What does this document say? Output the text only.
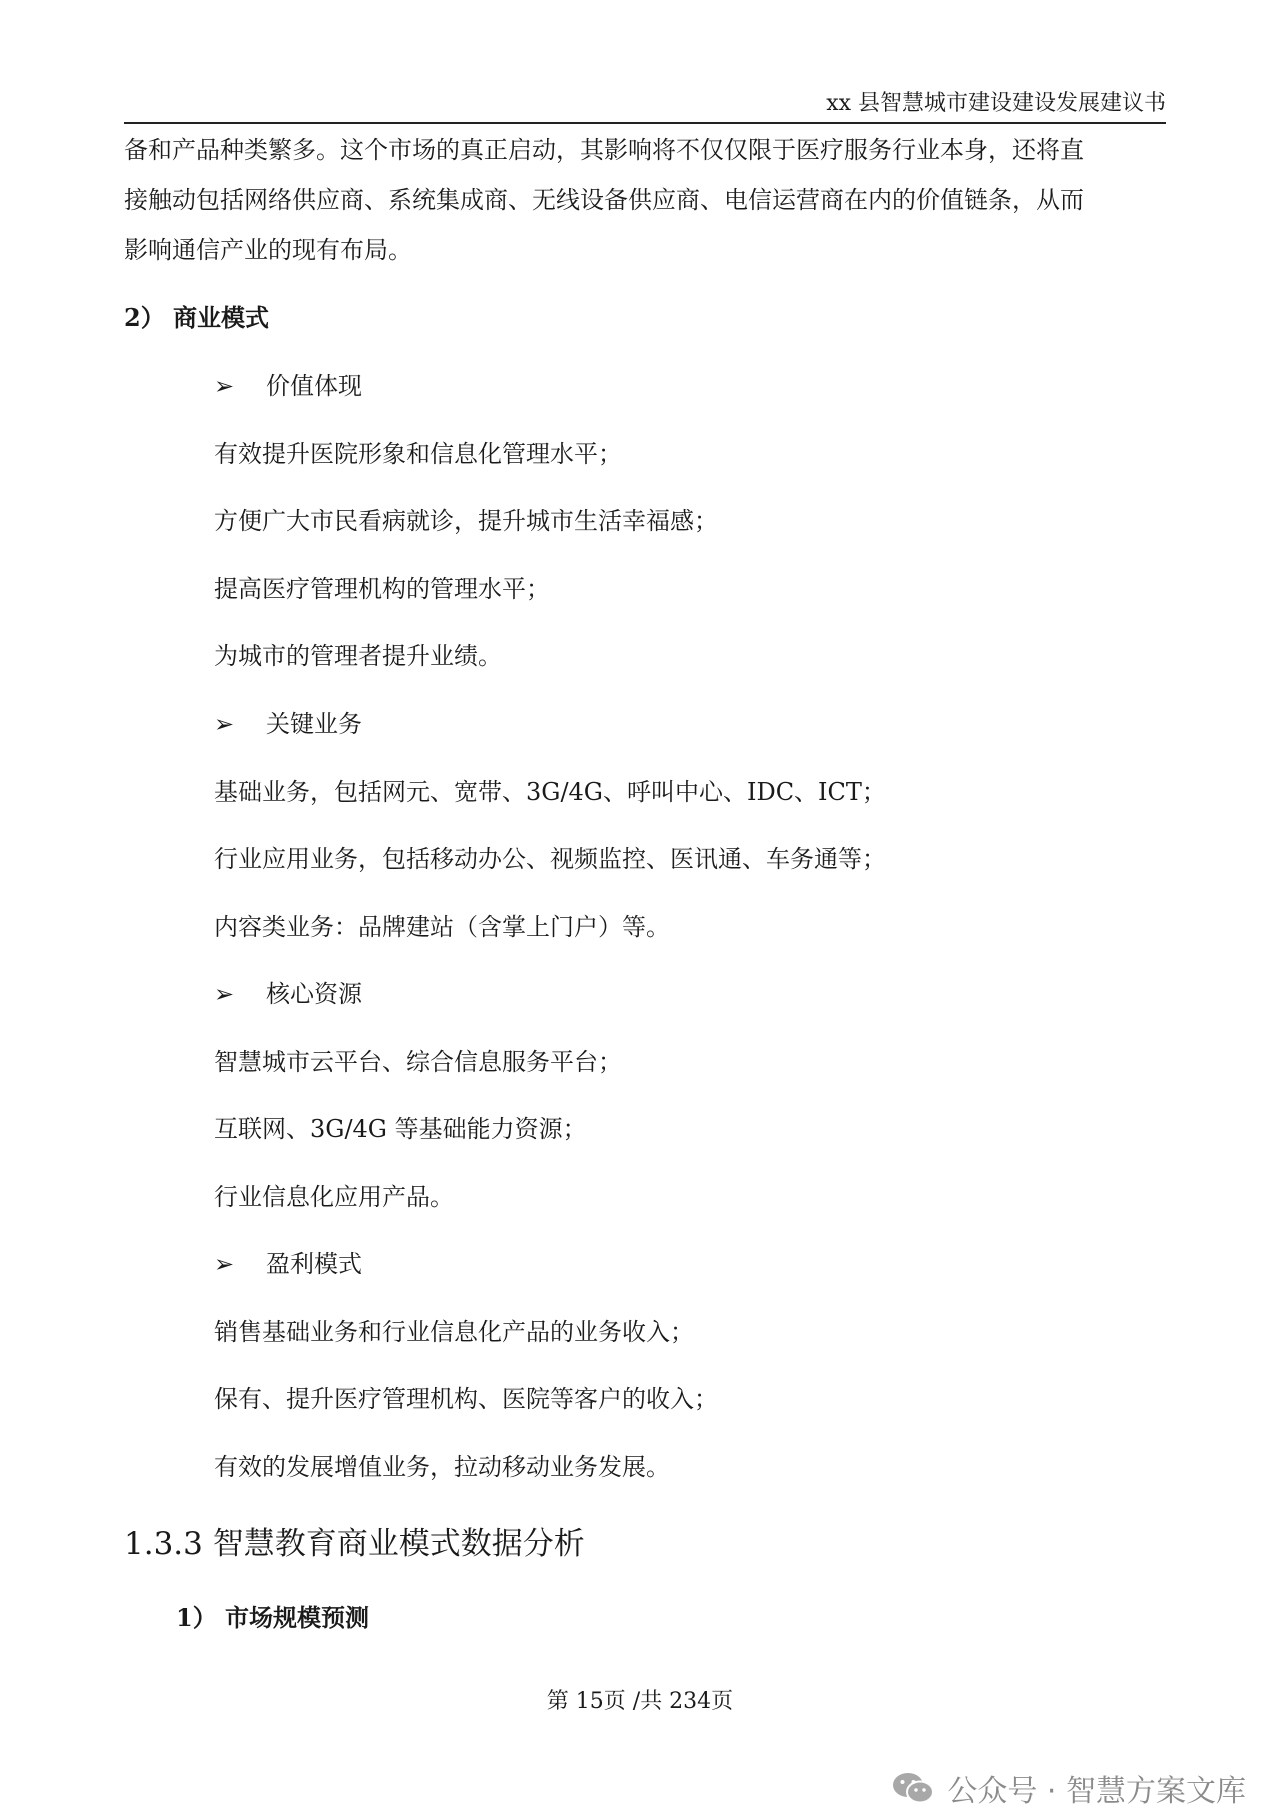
xx 县智慧城市建设建设发展建议书
备和产品种类繁多。这个市场的真正启动，其影响将不仅仅限于医疗服务行业本身，还将直
接触动包括网络供应商、系统集成商、无线设备供应商、电信运营商在内的价值链条，从而
影响通信产业的现有布局。
2） 商业模式
➢ 价值体现
有效提升医院形象和信息化管理水平；
方便广大市民看病就诊，提升城市生活幸福感；
提高医疗管理机构的管理水平；
为城市的管理者提升业绩。
➢ 关键业务
基础业务，包括网元、宽带、3G/4G、呼叫中心、IDC、ICT；
行业应用业务，包括移动办公、视频监控、医讯通、车务通等；
内容类业务：品牌建站（含掌上门户）等。
➢ 核心资源
智慧城市云平台、综合信息服务平台；
互联网、3G/4G 等基础能力资源；
行业信息化应用产品。
➢ 盈利模式
销售基础业务和行业信息化产品的业务收入；
保有、提升医疗管理机构、医院等客户的收入；
有效的发展增值业务，拉动移动业务发展。
1.3.3 智慧教育商业模式数据分析
1） 市场规模预测
第 15页 /共 234页
公众号 · 智慧方案文库
